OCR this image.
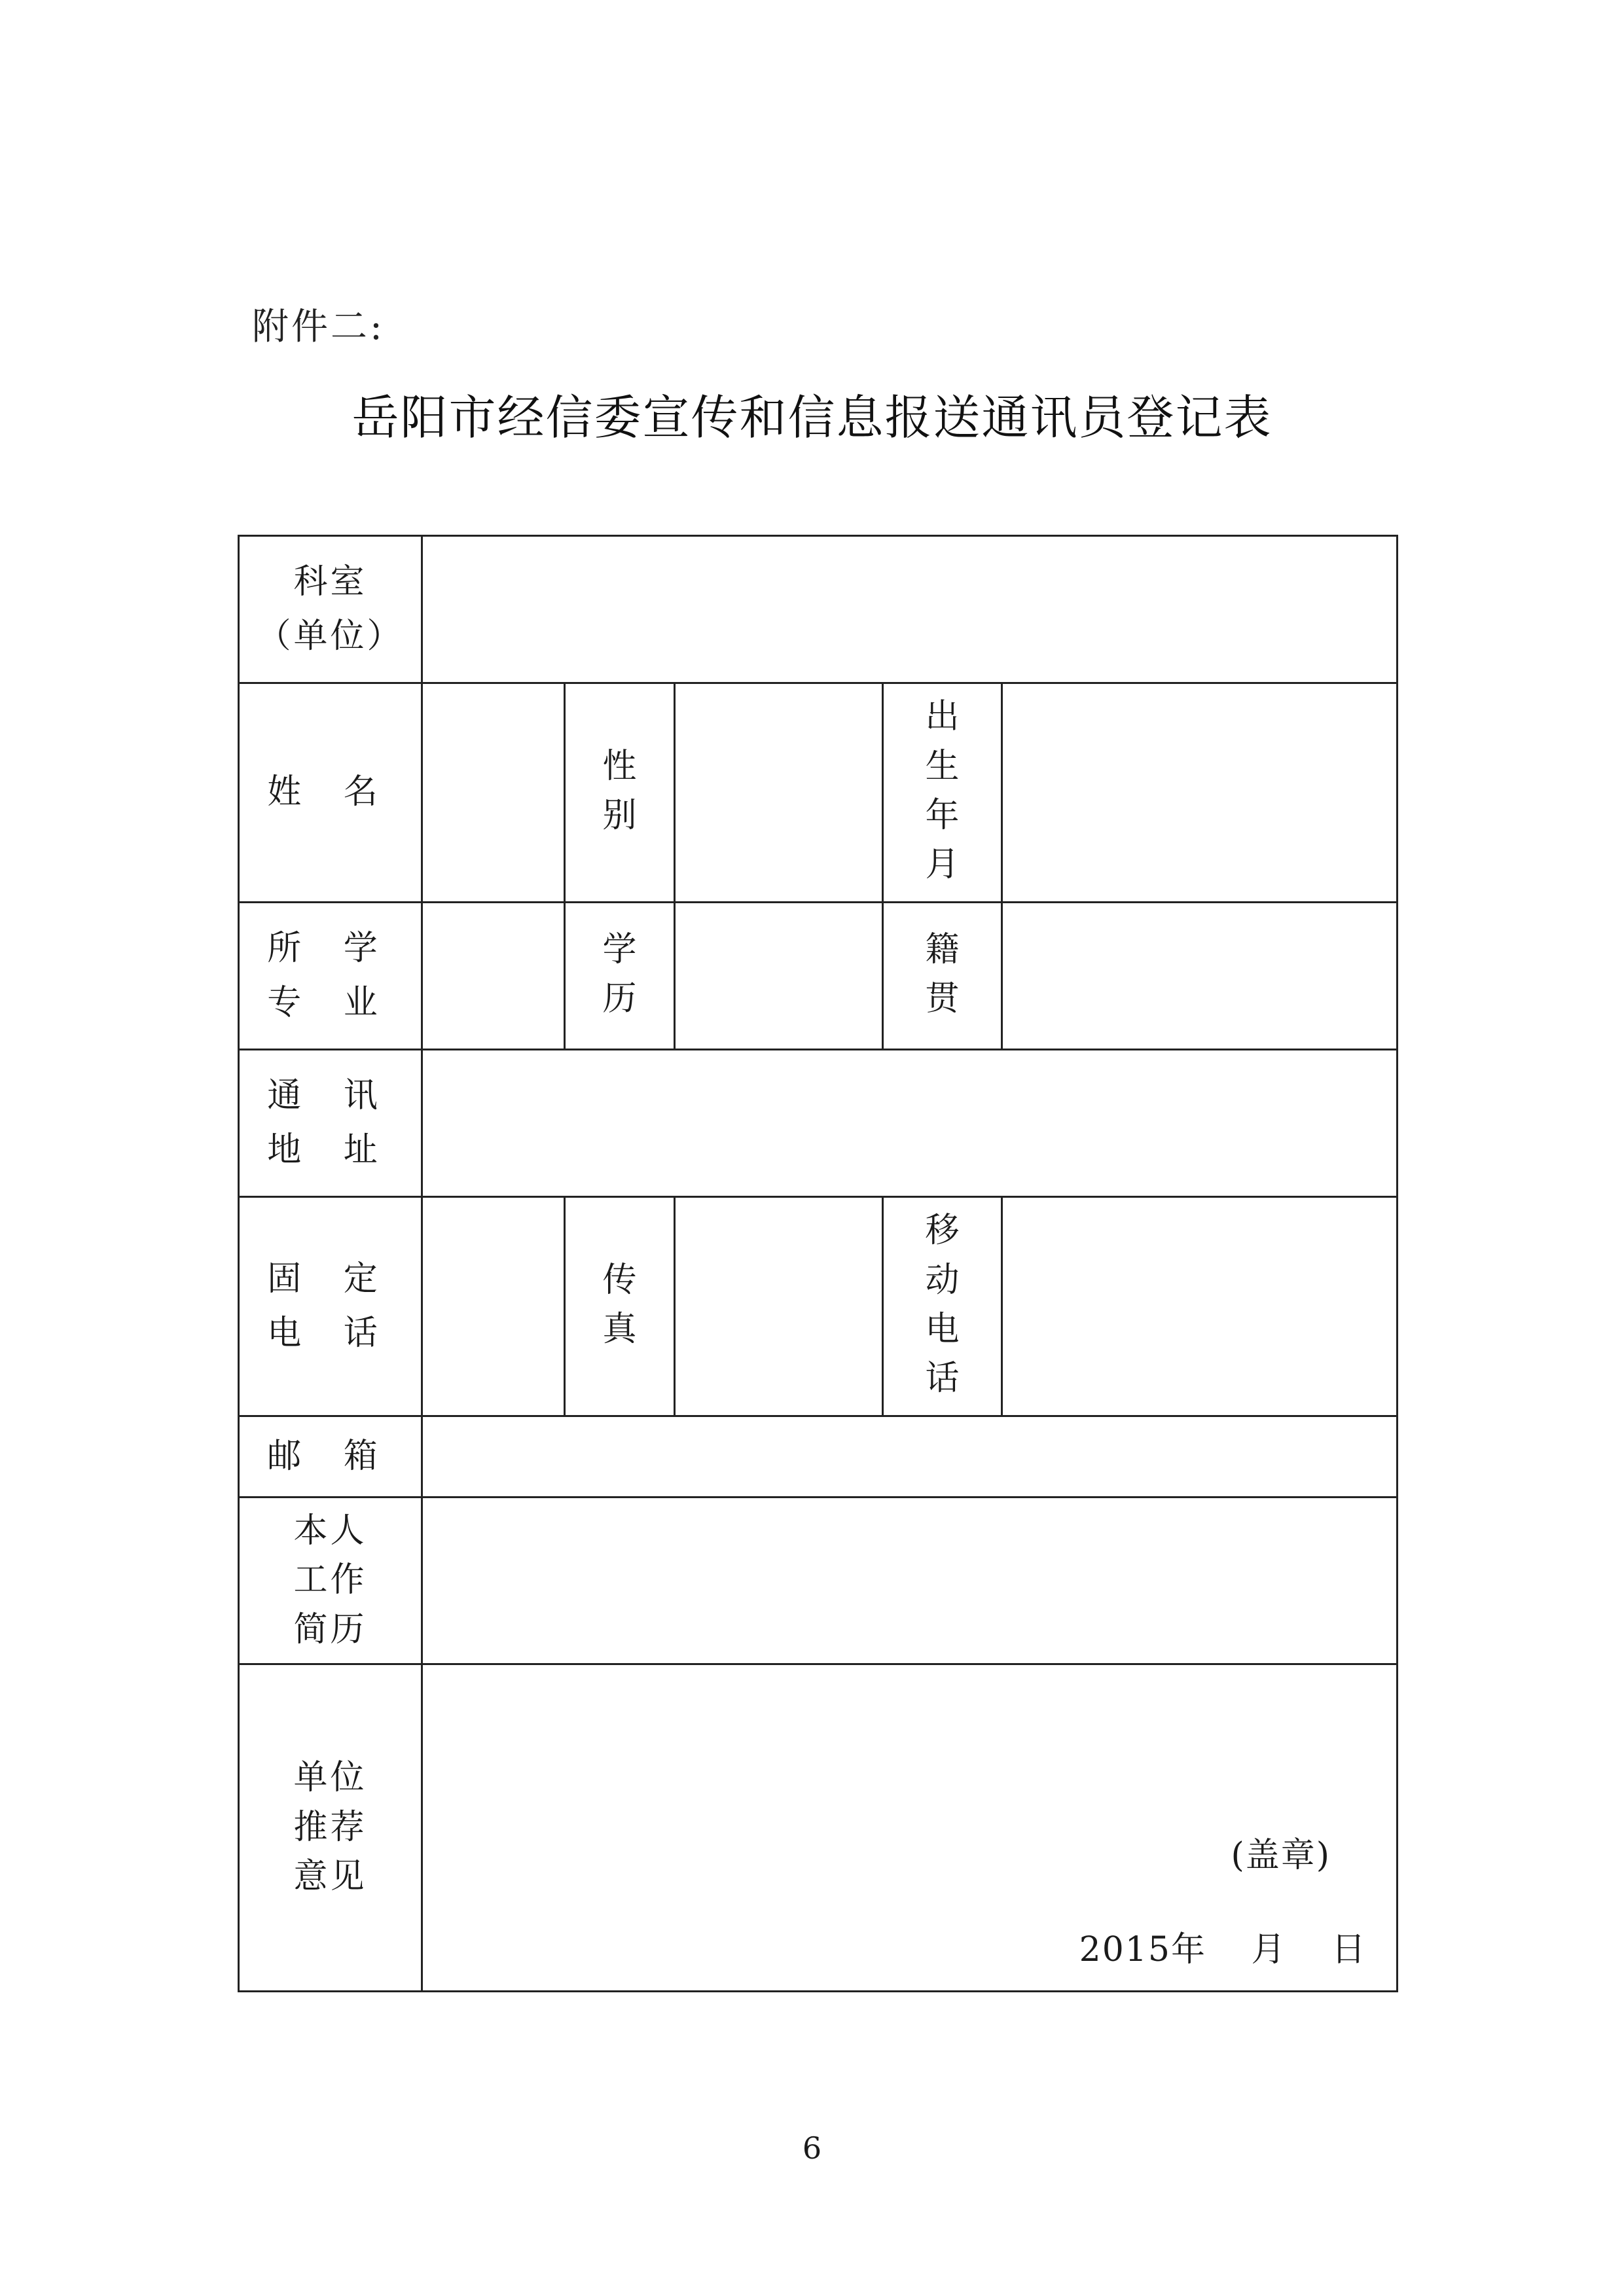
附件二:
岳阳市经信委宣传和信息报送通讯员登记表
科室
（单位）					
姓 名		性别		出生年月	
所 学
专 业		学历		籍贯	
通 讯
地 址					
固 定
电 话		传真		移动电话	
邮 箱					
本人
工作
简历					
单位
推荐
意见	(盖章)
2015年 月 日				
6
